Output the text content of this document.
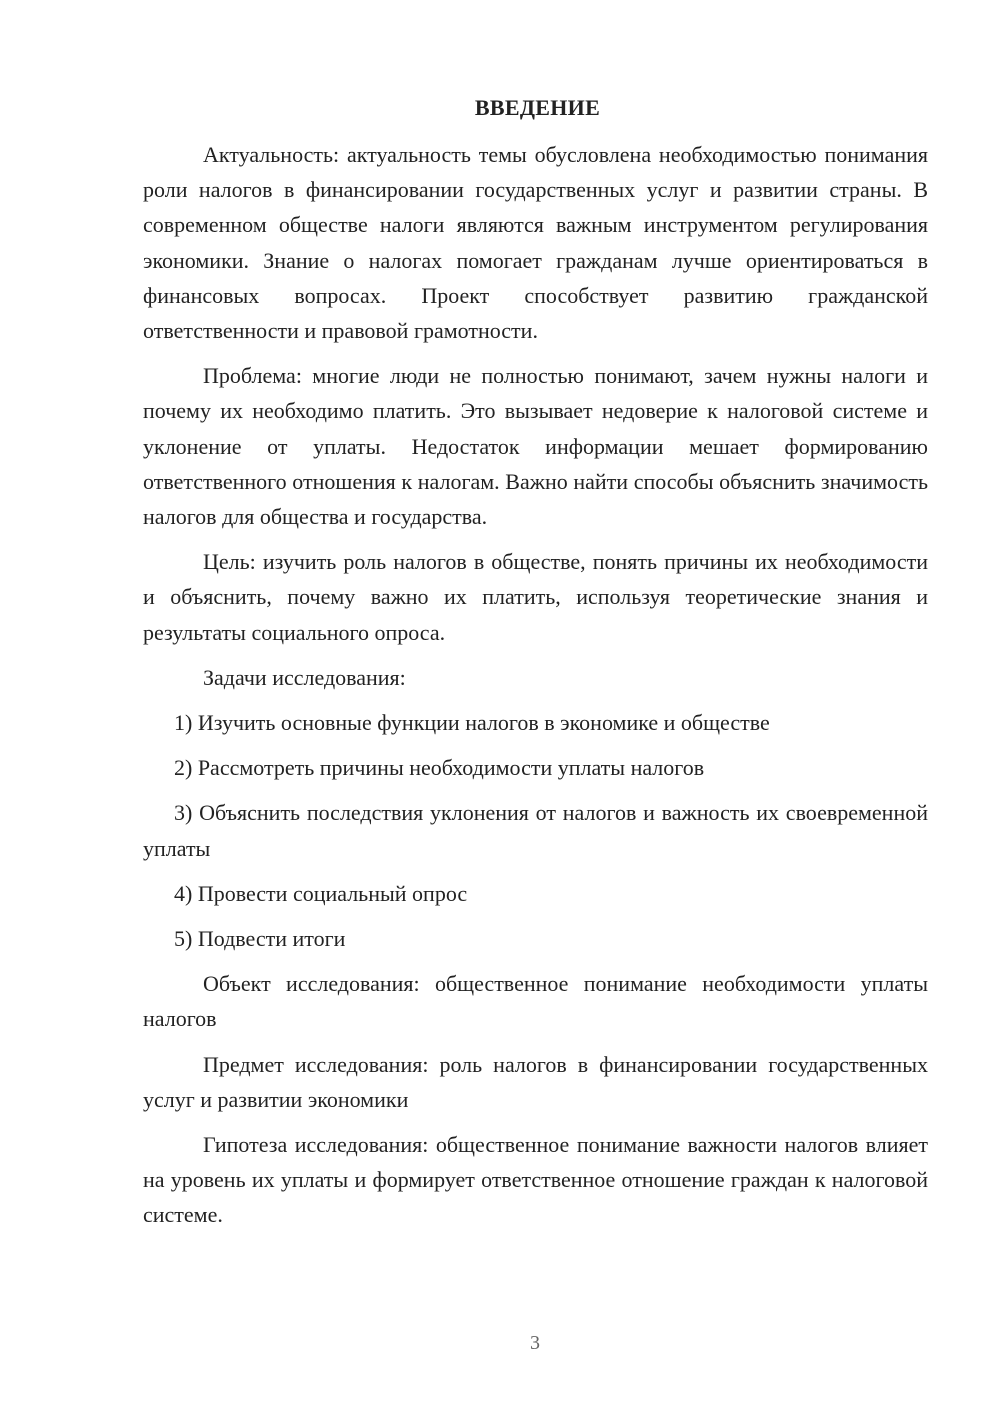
ВВЕДЕНИЕ

Актуальность: актуальность темы обусловлена необходимостью понимания роли налогов в финансировании государственных услуг и развитии страны. В современном обществе налоги являются важным инструментом регулирования экономики. Знание о налогах помогает гражданам лучше ориентироваться в финансовых вопросах. Проект способствует развитию гражданской ответственности и правовой грамотности.

Проблема: многие люди не полностью понимают, зачем нужны налоги и почему их необходимо платить. Это вызывает недоверие к налоговой системе и уклонение от уплаты. Недостаток информации мешает формированию ответственного отношения к налогам. Важно найти способы объяснить значимость налогов для общества и государства.

Цель: изучить роль налогов в обществе, понять причины их необходимости и объяснить, почему важно их платить, используя теоретические знания и результаты социального опроса.

Задачи исследования:

1) Изучить основные функции налогов в экономике и обществе

2) Рассмотреть причины необходимости уплаты налогов

3) Объяснить последствия уклонения от налогов и важность их своевременной уплаты

4) Провести социальный опрос

5) Подвести итоги

Объект исследования: общественное понимание необходимости уплаты налогов

Предмет исследования: роль налогов в финансировании государственных услуг и развитии экономики

Гипотеза исследования: общественное понимание важности налогов влияет на уровень их уплаты и формирует ответственное отношение граждан к налоговой системе.

3
